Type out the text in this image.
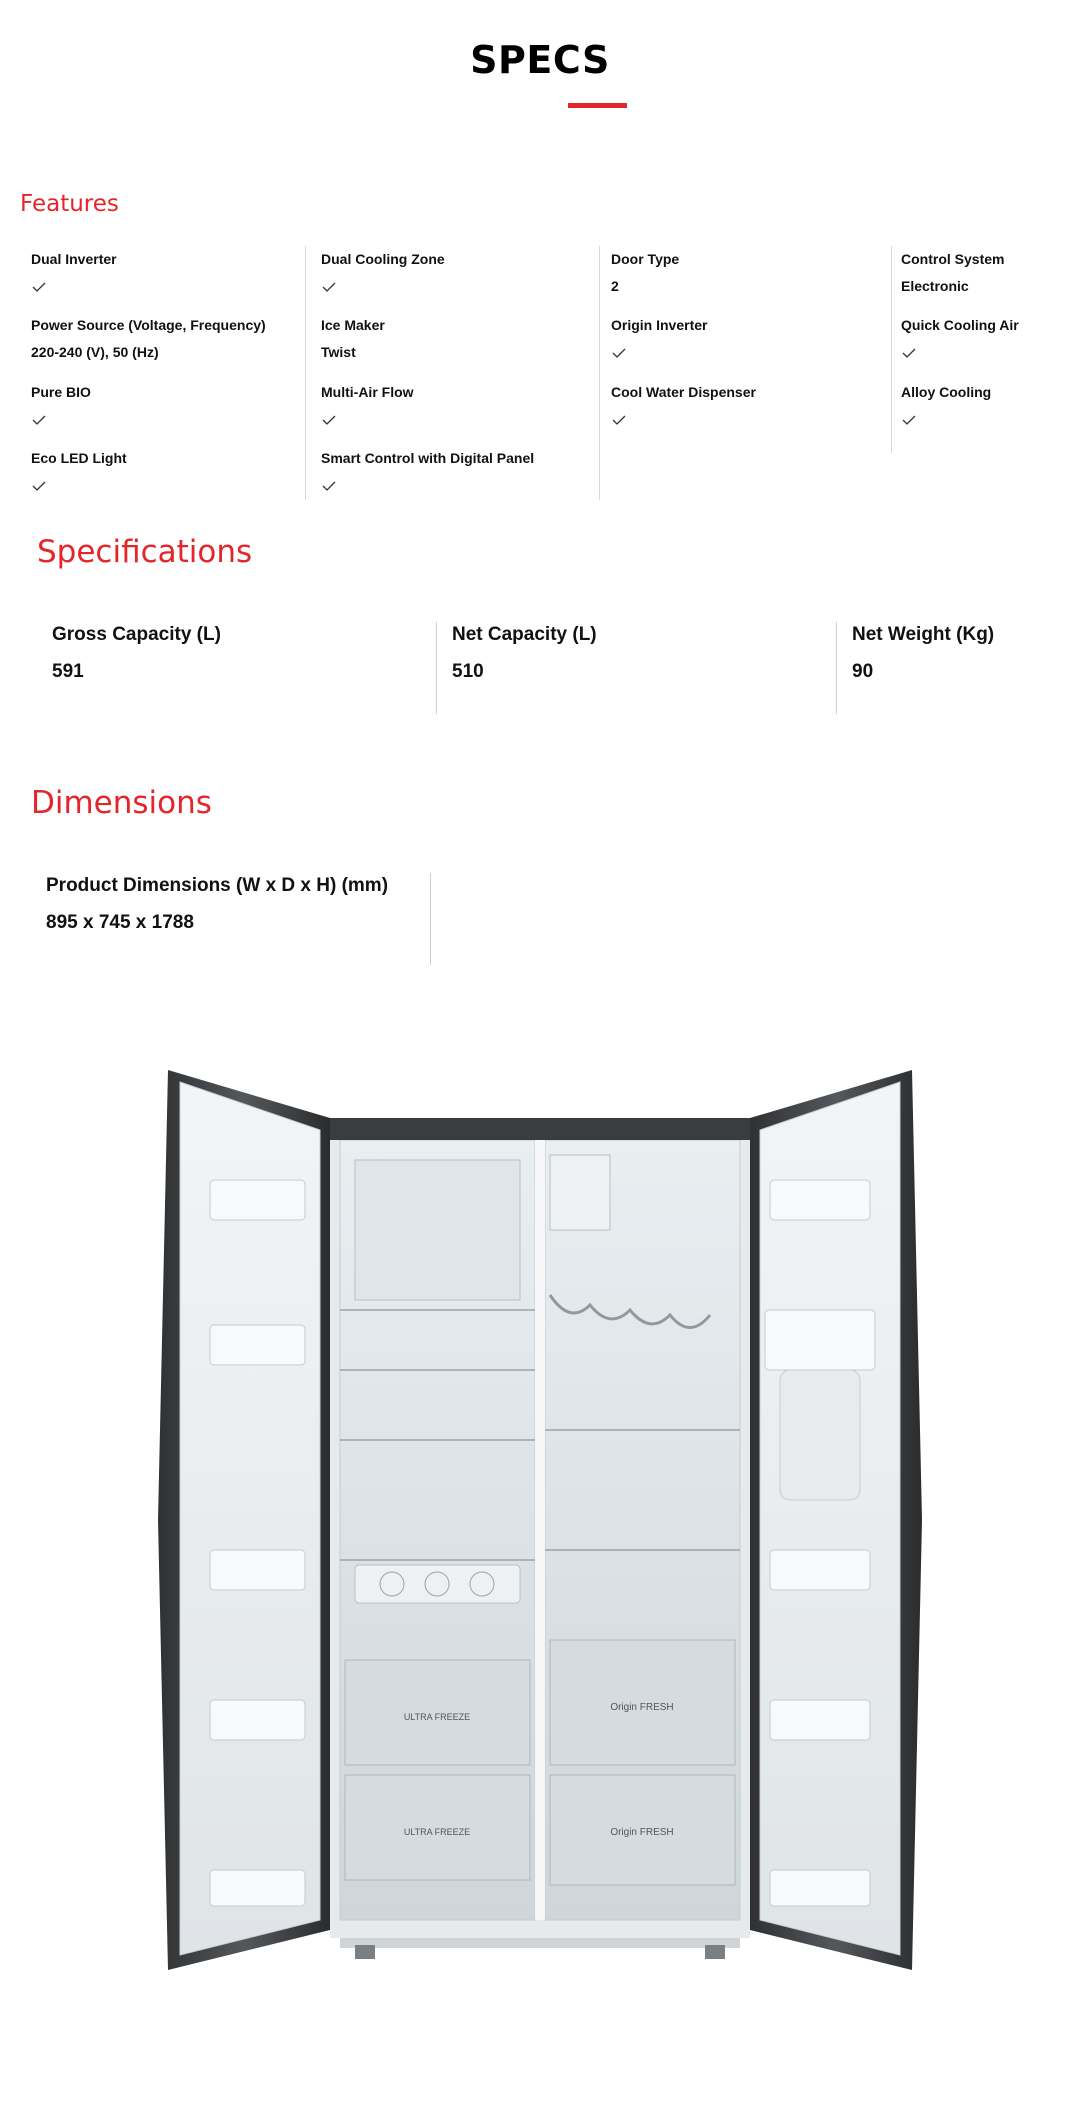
SPECS
Features
Dual Inverter
Power Source (Voltage, Frequency)
220-240 (V), 50 (Hz)
Pure BIO
Eco LED Light
Dual Cooling Zone
Ice Maker
Twist
Multi-Air Flow
Smart Control with Digital Panel
Door Type
2
Origin Inverter
Cool Water Dispenser
Control System
Electronic
Quick Cooling Air
Alloy Cooling
Specifications
Gross Capacity (L)
591
Net Capacity (L)
510
Net Weight (Kg)
90
Dimensions
Product Dimensions (W x D x H) (mm)
895 x 745 x 1788
ULTRA FREEZE
ULTRA FREEZE
Origin FRESH
Origin FRESH
